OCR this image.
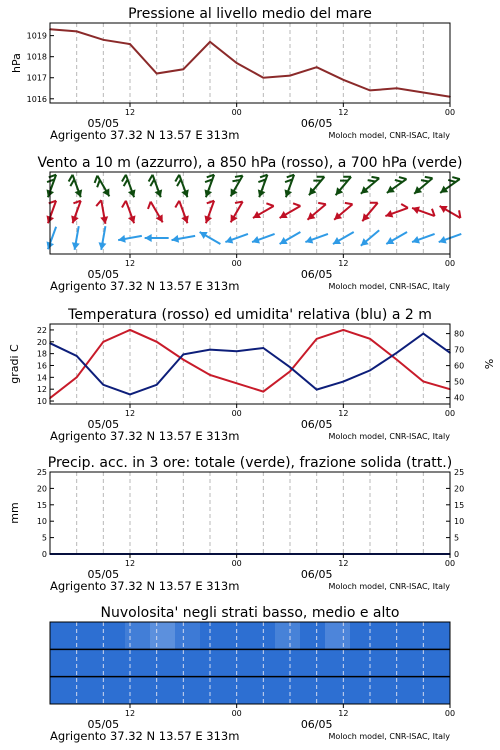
Pressione al livello medio del mare
1019
1018
1017
1016
hPa
12	00	12	00
05/05	06/05
Agrigento 37.32 N 13.57 E 313m	Moloch model, CNR-ISAC, Italy
Vento a 10 m (azzurro), a 850 hPa (rosso), a 700 hPa (verde)
12	00	12	00
05/05	06/05
Agrigento 37.32 N 13.57 E 313m	Moloch model, CNR-ISAC, Italy
Temperatura (rosso) ed umidita' relativa (blu) a 2 m
22
20
18
16
14
12
10
80
70
60
50
40
gradi C	%
12	00	12	00
05/05	06/05
Agrigento 37.32 N 13.57 E 313m	Moloch model, CNR-ISAC, Italy
Precip. acc. in 3 ore: totale (verde), frazione solida (tratt.)
25	25
20	20
15	15
10	10
5	5
0	0
mm
12	00	12	00
05/05	06/05
Agrigento 37.32 N 13.57 E 313m	Moloch model, CNR-ISAC, Italy
Nuvolosita' negli strati basso, medio e alto
12	00	12	00
05/05	06/05
Agrigento 37.32 N 13.57 E 313m	Moloch model, CNR-ISAC, Italy
